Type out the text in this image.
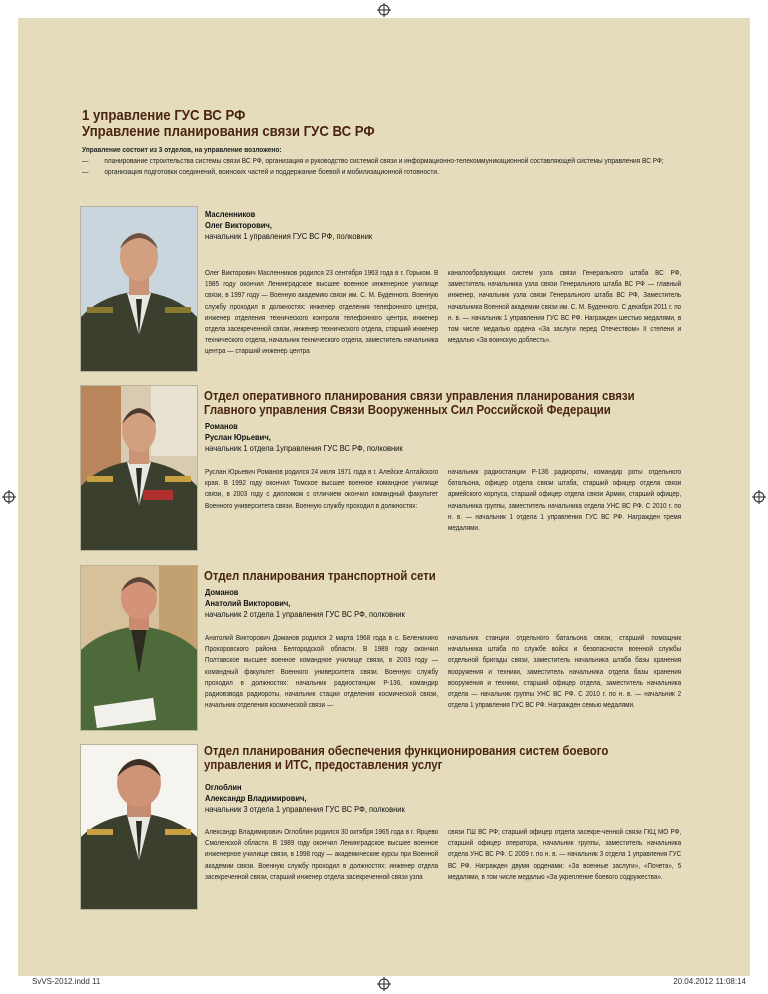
1 управление ГУС ВС РФ
Управление планирования связи ГУС ВС РФ
Управление состоит из 3 отделов, на управление возложено:
— планирование строительства системы связи ВС РФ, организация и руководство системой связи и информационно-телекоммуникационной составляющей системы управления ВС РФ;
— организация подготовки соединений, воинских частей и поддержание боевой и мобилизационной готовности.
Масленников
Олег Викторович,
начальник 1 управления ГУС ВС РФ, полковник
Олег Викторович Масленников родился 23 сентября 1963 года в г. Горьком. В 1985 году окончил Ленинградское высшее военное инженерное училище связи, в 1997 году — Военную академию связи им. С. М. Буденного. Военную службу проходил в должностях: инженер отделения телефонного центра, инженер отделения технического контроля телефонного центра, инженер отдела засекреченной связи, инженер технического отдела, старший инженер технического отдела, начальник технического отдела, заместитель начальника центра — старший инженер центра
каналообразующих систем узла связи Генерального штаба ВС РФ, заместитель начальника узла связи Генерального штаба ВС РФ — главный инженер, начальник узла связи Генерального штаба ВС РФ, Заместитель начальника Военной академии связи им. С. М. Буденного. С декабря 2011 г. по н. в. — начальник 1 управления ГУС ВС РФ. Награжден шестью медалями, в том числе медалью ордена «За заслуги перед Отечеством» II степени и медалью «За воинскую доблесть».
Отдел оперативного планирования связи управления планирования связи Главного управления Связи Вооруженных Сил Российской Федерации
Романов
Руслан Юрьевич,
начальник 1 отдела 1управления ГУС ВС РФ, полковник
Руслан Юрьевич Романов родился 24 июля 1971 года в г. Алейске Алтайского края. В 1992 году окончил Томское высшее военное командное училище связи, в 2003 году с дипломом с отличием окончил командный факультет Военного университета связи. Военную службу проходил в должностях:
начальник радиостанции Р-136 радиороты, командир роты отдельного батальона, офицер отдела связи штаба, старший офицер отдела связи армейского корпуса, старший офицер отдела связи Армии, старший офицер, начальника группы, заместитель начальника отдела УНС ВС РФ. С 2010 г. по н. в. — начальник 1 отдела 1 управления ГУС ВС РФ. Награжден тремя медалями.
Отдел планирования транспортной сети
Доманов
Анатолий Викторович,
начальник 2 отдела 1 управления ГУС ВС РФ, полковник
Анатолий Викторович Доманов родился 2 марта 1968 года в с. Беленихино Прохоровского района Белгородской области. В 1989 году окончил Полтавское высшее военное командное училище связи, в 2003 году — командный факультет Военного университета связи. Военную службу проходил в должностях: начальник радиостанции Р-136, командир радиовзвода радиороты, начальник стации отделения космической связи, начальник отделения космической связи —
начальник станции отдельного батальона связи, старший помощник начальника штаба по службе войск и безопасности военной службы отдельной бригады связи, заместитель начальника штаба базы хранения вооружения и техники, заместитель начальника отдела базы хранения вооружения и техники, старший офицер отдела, заместитель начальника отдела — начальник группы УНС ВС РФ. С 2010 г. по н. в. — начальник 2 отдела 1 управления ГУС ВС РФ. Награжден семью медалями.
Отдел планирования обеспечения функционирования систем боевого управления и ИТС, предоставления услуг
Оглоблин
Александр Владимирович,
начальник 3 отдела 1 управления ГУС ВС РФ, полковник
Александр Владимирович Оглоблин родился 30 октября 1965 года в г. Ярцево Смоленской области. В 1989 году окончил Ленинградское высшее военное инженерное училище связи, в 1998 году — академические курсы при Военной академии связи. Военную службу проходил в должностях: инженер отдела засекреченной связи, старший инженер отдела засекреченной связи узла
связи ГШ ВС РФ; старший офицер отдела засекре-ченной связи ГКЦ МО РФ, старший офицер оператора, начальник группы, заместитель начальника отдела УНС ВС РФ. С 2009 г. по н. в. — начальник 3 отдела 1 управления ГУС ВС РФ. Награжден двумя орденами: «За военные заслуги», «Почета», 5 медалями, в том числе медалью «За укрепление боевого содружества».
SvVS-2012.indd 11	20.04.2012 11:08:14
